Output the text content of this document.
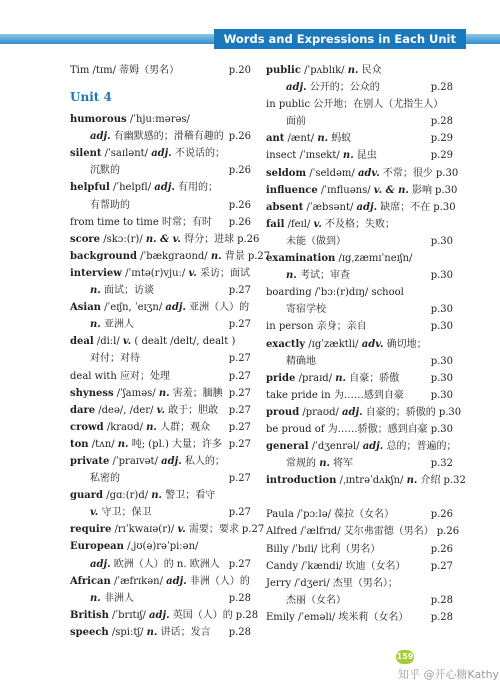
Words and Expressions in Each Unit
Tim /tɪm/ 蒂姆（男名）	p.20
Unit 4
humorous /ˈhjuːmərəs/
adj. 有幽默感的；滑稽有趣的 p.26
silent /ˈsaɪlənt/ adj. 不说话的；
沉默的	p.26
helpful /ˈhelpfl/ adj. 有用的；
有帮助的	p.26
from time to time 时常；有时	p.26
score /skɔː(r)/ n. & v. 得分；进球 p.26
background /ˈbækgraʊnd/ n. 背景 p.27
interview /ˈɪntə(r)vjuː/ v. 采访；面试
n. 面试；访谈	p.27
Asian /ˈeɪʃn, ˈeɪʒn/ adj. 亚洲（人）的
n. 亚洲人	p.27
deal /diːl/ v. ( dealt /delt/, dealt )
对付；对待	p.27
deal with 应对；处理	p.27
shyness /ˈʃaɪnəs/ n. 害羞；腼腆 p.27
dare /deə/, /der/ v. 敢于；胆敢	p.27
crowd /kraʊd/ n. 人群；观众	p.27
ton /tʌn/ n. 吨; (pl.) 大量；许多 p.27
private /ˈpraɪvət/ adj. 私人的；
私密的	p.27
guard /gɑː(r)d/ n. 警卫；看守
v. 守卫；保卫	p.27
require /rɪˈkwaɪə(r)/ v. 需要；要求 p.27
European /ˌjʊ(ə)rəˈpiːən/
adj. 欧洲（人）的 n. 欧洲人 p.27
African /ˈæfrɪkən/ adj. 非洲（人）的
n. 非洲人	p.28
British /ˈbrɪtɪʃ/ adj. 英国（人）的 p.28
speech /spiːtʃ/ n. 讲话；发言	p.28
public /ˈpʌblɪk/ n. 民众
adj. 公开的；公众的	p.28
in public 公开地；在别人（尤指生人）
面前	p.28
ant /ænt/ n. 蚂蚁	p.29
insect /ˈɪnsekt/ n. 昆虫	p.29
seldom /ˈseldəm/ adv. 不常；很少 p.30
influence /ˈɪnfluəns/ v. & n. 影响 p.30
absent /ˈæbsənt/ adj. 缺席；不在 p.30
fail /feɪl/ v. 不及格；失败；
未能（做到）	p.30
examination /ɪgˌzæmɪˈneɪʃn/
n. 考试；审查	p.30
boarding /ˈbɔː(r)dɪŋ/ school
寄宿学校	p.30
in person 亲身；亲自	p.30
exactly /ɪgˈzæktli/ adv. 确切地；
精确地	p.30
pride /praɪd/ n. 自豪；骄傲	p.30
take pride in 为……感到自豪	p.30
proud /praʊd/ adj. 自豪的；骄傲的 p.30
be proud of 为……骄傲；感到自豪 p.30
general /ˈdʒenrəl/ adj. 总的；普遍的；
常规的 n. 将军	p.32
introduction /ˌɪntrəˈdʌkʃn/ n. 介绍 p.32
Paula /ˈpɔːlə/ 葆拉（女名）	p.26
Alfred /ˈælfrɪd/ 艾尔弗雷德（男名） p.26
Billy /ˈbɪli/ 比利（男名）	p.26
Candy /ˈkændi/ 坎迪（女名）	p.27
Jerry /ˈdʒeri/ 杰里（男名）；
杰丽（女名）	p.28
Emily /ˈeməli/ 埃米莉（女名）	p.28
159
知乎 @开心糖Kathy
